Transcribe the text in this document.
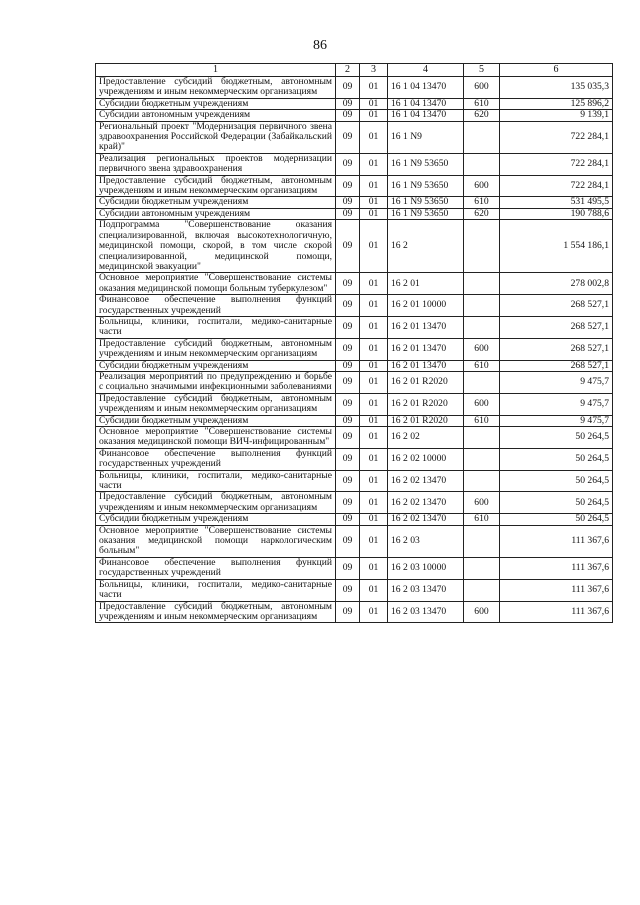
86
1	2	3	4	5	6
Предоставление субсидий бюджетным, автономным учреждениям и иным некоммерческим организациям	09	01	16 1 04 13470	600	135 035,3
Субсидии бюджетным учреждениям	09	01	16 1 04 13470	610	125 896,2
Субсидии автономным учреждениям	09	01	16 1 04 13470	620	9 139,1
Региональный проект "Модернизация первичного звена здравоохранения Российской Федерации (Забайкальский край)"	09	01	16 1 N9		722 284,1
Реализация региональных проектов модернизации первичного звена здравоохранения	09	01	16 1 N9 53650		722 284,1
Предоставление субсидий бюджетным, автономным учреждениям и иным некоммерческим организациям	09	01	16 1 N9 53650	600	722 284,1
Субсидии бюджетным учреждениям	09	01	16 1 N9 53650	610	531 495,5
Субсидии автономным учреждениям	09	01	16 1 N9 53650	620	190 788,6
Подпрограмма "Совершенствование оказания специализированной, включая высокотехнологичную, медицинской помощи, скорой, в том числе скорой специализированной, медицинской помощи, медицинской эвакуации"	09	01	16 2		1 554 186,1
Основное мероприятие "Совершенствование системы оказания медицинской помощи больным туберкулезом"	09	01	16 2 01		278 002,8
Финансовое обеспечение выполнения функций государственных учреждений	09	01	16 2 01 10000		268 527,1
Больницы, клиники, госпитали, медико-санитарные части	09	01	16 2 01 13470		268 527,1
Предоставление субсидий бюджетным, автономным учреждениям и иным некоммерческим организациям	09	01	16 2 01 13470	600	268 527,1
Субсидии бюджетным учреждениям	09	01	16 2 01 13470	610	268 527,1
Реализация мероприятий по предупреждению и борьбе с социально значимыми инфекционными заболеваниями	09	01	16 2 01 R2020		9 475,7
Предоставление субсидий бюджетным, автономным учреждениям и иным некоммерческим организациям	09	01	16 2 01 R2020	600	9 475,7
Субсидии бюджетным учреждениям	09	01	16 2 01 R2020	610	9 475,7
Основное мероприятие "Совершенствование системы оказания медицинской помощи ВИЧ-инфицированным"	09	01	16 2 02		50 264,5
Финансовое обеспечение выполнения функций государственных учреждений	09	01	16 2 02 10000		50 264,5
Больницы, клиники, госпитали, медико-санитарные части	09	01	16 2 02 13470		50 264,5
Предоставление субсидий бюджетным, автономным учреждениям и иным некоммерческим организациям	09	01	16 2 02 13470	600	50 264,5
Субсидии бюджетным учреждениям	09	01	16 2 02 13470	610	50 264,5
Основное мероприятие "Совершенствование системы оказания медицинской помощи наркологическим больным"	09	01	16 2 03		111 367,6
Финансовое обеспечение выполнения функций государственных учреждений	09	01	16 2 03 10000		111 367,6
Больницы, клиники, госпитали, медико-санитарные части	09	01	16 2 03 13470		111 367,6
Предоставление субсидий бюджетным, автономным учреждениям и иным некоммерческим организациям	09	01	16 2 03 13470	600	111 367,6
